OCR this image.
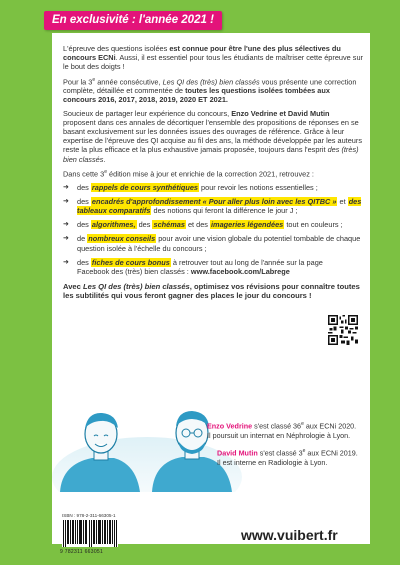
En exclusivité : l'année 2021 !

L'épreuve des questions isolées est connue pour être l'une des plus sélectives du concours ECNi. Aussi, il est essentiel pour tous les étudiants de maîtriser cette épreuve sur le bout des doigts !

Pour la 3e année consécutive, Les QI des (très) bien classés vous présente une correction complète, détaillée et commentée de toutes les questions isolées tombées aux concours 2016, 2017, 2018, 2019, 2020 ET 2021.

Soucieux de partager leur expérience du concours, Enzo Vedrine et David Mutin proposent dans ces annales de décortiquer l'ensemble des propositions de réponses en se basant exclusivement sur les données issues des ouvrages de référence. Grâce à leur expertise de l'épreuve des QI acquise au fil des ans, la méthode développée par les auteurs reste la plus efficace et la plus exhaustive jamais proposée, toujours dans l'esprit des (très) bien classés.

Dans cette 3e édition mise à jour et enrichie de la correction 2021, retrouvez :

➜ des rappels de cours synthétiques pour revoir les notions essentielles ;
➜ des encadrés d'approfondissement « Pour aller plus loin avec les QITBC » et des tableaux comparatifs des notions qui feront la différence le jour J ;
➜ des algorithmes, des schémas et des imageries légendées tout en couleurs ;
➜ de nombreux conseils pour avoir une vision globale du potentiel tombable de chaque question isolée à l'échelle du concours ;
➜ des fiches de cours bonus à retrouver tout au long de l'année sur la page Facebook des (très) bien classés : www.facebook.com/Labrege

Avec Les QI des (très) bien classés, optimisez vos révisions pour connaître toutes les subtilités qui vous feront gagner des places le jour du concours !

Enzo Vedrine s'est classé 36e aux ECNi 2020.
Il poursuit un internat en Néphrologie à Lyon.
David Mutin s'est classé 3e aux ECNi 2019.
Il est interne en Radiologie à Lyon.
ISBN : 978-2-311-66305-1
9 782311 663051
www.vuibert.fr
